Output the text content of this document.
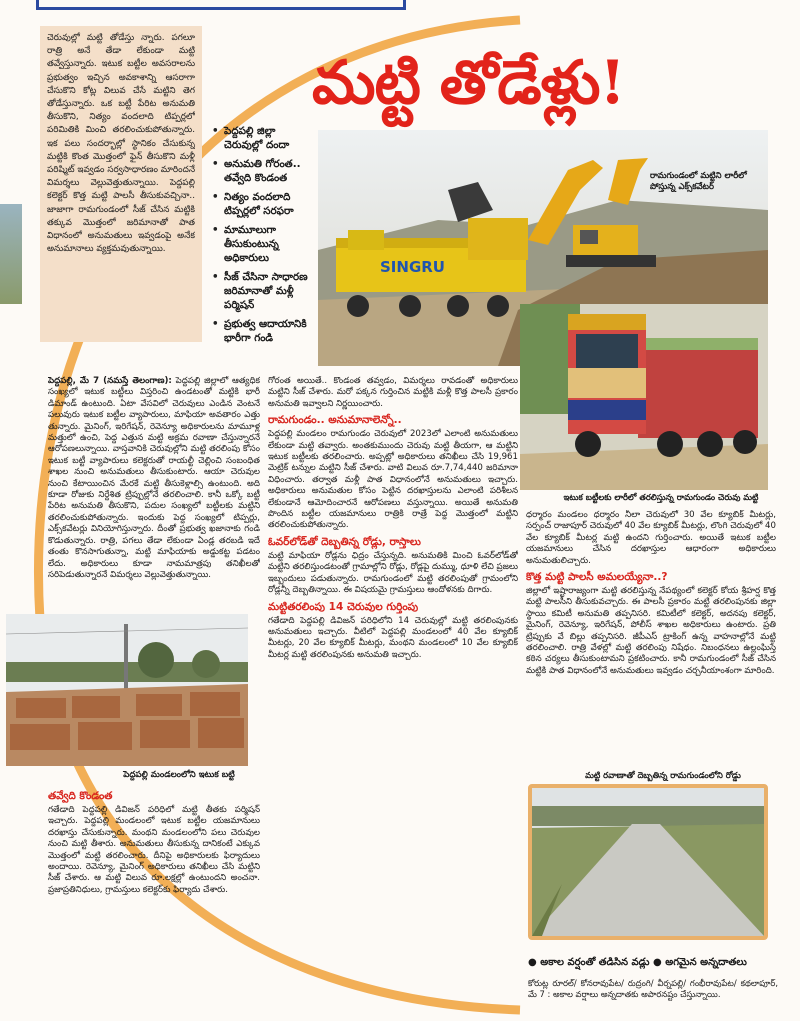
చెరువుల్లో మట్టి తోడేస్తు న్నారు. పగలూ రాత్రి అనే తేడా లేకుండా మట్టి తవ్వేస్తున్నారు. ఇటుక బట్టీల అవసరాలను ప్రభుత్వం ఇచ్చిన అవకాశాన్ని ఆసరాగా చేసుకొని కోట్ల విలువ చేసే మట్టిని తెగ తోడేస్తున్నారు. ఒక బట్టీ పేరిట అనుమతి తీసుకొని, నిత్యం వందలాది టిప్పర్లలో పరిమితికి మించి తరలించుకుపోతున్నారు. ఇక పలు సందర్భాల్లో స్థానికం చేసుకున్న మట్టికి కొంత మొత్తంలో ఫైన్ తీసుకొని మళ్లీ పరిష్మిట్ ఇవ్వడం సర్వసాధారణం మారిందనే విమర్శలు వెల్లువెత్తుతున్నాయి. పెద్దపల్లి కలెక్టర్ కొత్త మట్టి పాలసీ తీసుకువచ్చినా.. జాజాగా రామగుండంలో సీజ్ చేసిన మట్టికి తక్కువ మొత్తంలో జరిమానాతో పాత విధానంలో అనుమతులు ఇవ్వడంపై అనేక అనుమానాలు వ్యక్తమవుతున్నాయి.
మట్టి తోడేళ్లు!
• పెద్దపల్లి జిల్లా చెరువుల్లో దందా
• అనుమతి గోరంత.. తవ్వేది కొండంత
• నిత్యం వందలాది టిప్పర్లలో సరఫరా
• మామూలుగా తీసుకుంటున్న అధికారులు
• సీజ్ చేసినా సాధారణ జరిమానాతో మళ్లీ పర్మిషన్
• ప్రభుత్వ ఆదాయానికి భారీగా గండి
SINGRU
రామగుండంలో మట్టిని లారీలో పోస్తున్న ఎక్స్‌కవేటర్
ఇటుక బట్టీలకు లారీలో తరలిస్తున్న రామగుండం చెరువు మట్టి
పెద్దపల్లి, మే 7 (నమస్తే తెలంగాణ): పెద్దపల్లి జిల్లాలో ఆత్యధిక సంఖ్యలో ఇటుక బట్టీలు విస్తరించి ఉండటంతో మట్టికి భారీ డిమాండ్ ఉంటుంది. ఏటా వేసవిలో చెరువులు ఎండిన వెంటనే పలువురు ఇటుక బట్టీల వ్యాపారులు, మాఫియా అవతారం ఎత్తు తున్నారు. మైనింగ్, ఇరిగేషన్, రెవెన్యూ అధికారులను మామూళ్ల మత్తులో ఉంచి, పెద్ద ఎత్తున మట్టి అక్రమ రవాణా చేస్తున్నారనే ఆరోపణలున్నాయి. వాస్తవానికి చెరువుల్లోని మట్టి తరలింపు కోసం ఇటుక బట్టీ వ్యాపారులు కలెక్టరుతో రాయల్టీ చెల్లించి సంబంధిత శాఖల నుంచి అనుమతులు తీసుకుంటారు. ఆయా చెరువుల నుంచి కేటాయించిన మేరకే మట్టి తీసుకెళ్లాల్సి ఉంటుంది. అది కూడా రోజుకు నిర్దేశిత ట్రిప్పుల్లోనే తరలించాలి. కానీ ఒక్కో బట్టీ పేరిట అనుమతి తీసుకొని, పదుల సంఖ్యలో బట్టీలకు మట్టిని తరలించుకుపోతున్నారు. ఇందుకు పెద్ద సంఖ్యలో టిప్పర్లు, ఎక్స్‌కవేటర్లు వినియోగిస్తున్నారు. దీంతో ప్రభుత్వ ఖజానాకు గండి కొడుతున్నారు. రాత్రి, పగలు తేడా లేకుండా ఏండ్ల తరబడి ఇదే తంతు కొనసాగుతున్నా, మట్టి మాఫియాకు అడ్డుకట్ట పడటం లేదు. అధికారులు కూడా నామమాత్రపు తనిఖీలతో సరిపెడుతున్నారనే విమర్శలు వెల్లువెత్తుతున్నాయి.

గోరంత అయితే.. కొండంత తవ్వడం, విమర్శలు రావడంతో అధికారులు మట్టిని సీజ్ చేశారు. మరో పక్కన గుర్తించిన మట్టికి మళ్లీ కొత్త పాలసీ ప్రకారం అనుమతి ఇవ్వాలని నిర్ణయించారు.

రామగుండం.. అనుమానాలెన్నో..

పెద్దపల్లి మండలం రామగుండం చెరువులో 2023లో ఎలాంటి అనుమతులు లేకుండా మట్టి తవ్వారు. అంతకుముందు చెరువు మట్టి తీయగా, ఆ మట్టిని ఇటుక బట్టీలకు తరలించారు. అప్పట్లో అధికారులు తనిఖీలు చేసి 19,961 మెట్రిక్ టన్నుల మట్టిని సీజ్ చేశారు. వాటి విలువ రూ.7,74,440 జరిమానా విధించారు. తర్వాత మళ్లీ పాత విధానంలోనే అనుమతులు ఇచ్చారు. అధికారులు అనుమతుల కోసం పెట్టిన దరఖాస్తులను ఎలాంటి పరిశీలన లేకుండానే ఆమోదించారనే ఆరోపణలు వస్తున్నాయి. అయితే అనుమతి పొందిన బట్టీల యజమానులు రాత్రికి రాత్రే పెద్ద మొత్తంలో మట్టిని తరలించుకుపోతున్నారు.

ఓవర్‌లోడ్‌తో దెబ్బతిన్న రోడ్లు, రాస్తాలు

మట్టి మాఫియా రోడ్లను ఛిద్రం చేస్తున్నది. అనుమతికి మించి ఓవర్‌లోడ్‌తో మట్టిని తరలిస్తుండటంతో గ్రామాల్లోని రోడ్లు, రోడ్లపై దుమ్ము, ధూళి లేచి ప్రజలు ఇబ్బందులు పడుతున్నారు. రామగుండంలో మట్టి తరలింపుతో గ్రామంలోని రోడ్లన్నీ దెబ్బతిన్నాయి. ఈ విషయమై గ్రామస్తులు ఆందోళనకు దిగారు.

మట్టితరలింపు 14 చెరువుల గుర్తింపు

గతేడాది పెద్దపల్లి డివిజన్ పరిధిలోని 14 చెరువుల్లో మట్టి తరలింపునకు అనుమతులు ఇచ్చారు. వీటిలో పెద్దపల్లి మండలంలో 40 వేల క్యూబిక్ మీటర్లు, 20 వేల క్యూబిక్ మీటర్లు, మంథని మండలంలో 10 వేల క్యూబిక్ మీటర్ల మట్టి తరలింపునకు అనుమతి ఇచ్చారు.

ధర్మారం మండలం ధర్మారం నీలా చెరువులో 30 వేల క్యూబిక్ మీటర్లు, సర్పంచ్ రాజాపూర్ చెరువులో 40 వేల క్యూబిక్ మీటర్లు, లొంగి చెరువులో 40 వేల క్యూబిక్ మీటర్ల మట్టి ఉందని గుర్తించారు. అయితే ఇటుక బట్టీల యజమానులు చేసిన దరఖాస్తుల ఆధారంగా అధికారులు అనుమతులిచ్చారు.

కొత్త మట్టి పాలసీ అమలయ్యేనా..?

జిల్లాలో ఇష్టారాజ్యంగా మట్టి తరలిస్తున్న నేపథ్యంలో కలెక్టర్ కోయ శ్రీహర్ష కొత్త మట్టి పాలసీని తీసుకువచ్చారు. ఈ పాలసీ ప్రకారం మట్టి తరలింపునకు జిల్లా స్థాయి కమిటీ అనుమతి తప్పనిసరి. కమిటీలో కలెక్టర్, అదనపు కలెక్టర్, మైనింగ్, రెవెన్యూ, ఇరిగేషన్, పోలీస్ శాఖల అధికారులు ఉంటారు. ప్రతి ట్రిప్పుకు వే బిల్లు తప్పనిసరి. జీపీఎస్ ట్రాకింగ్ ఉన్న వాహనాల్లోనే మట్టి తరలించాలి. రాత్రి వేళల్లో మట్టి తరలింపు నిషేధం. నిబంధనలు ఉల్లంఘిస్తే కఠిన చర్యలు తీసుకుంటామని ప్రకటించారు. కానీ రామగుండంలో సీజ్ చేసిన మట్టికి పాత విధానంలోనే అనుమతులు ఇవ్వడం చర్చనీయాంశంగా మారింది.

పెద్దపల్లి మండలంలోని ఇటుక బట్టి
తవ్వేది కొండంత

గతేడాది పెద్దపల్లి డివిజన్ పరిధిలో మట్టి తీతకు పర్మిషన్ ఇచ్చారు. పెద్దపల్లి మండలంలో ఇటుక బట్టీల యజమానులు దరఖాస్తు చేసుకున్నారు. మంథని మండలంలోని పలు చెరువుల నుంచి మట్టి తీశారు. అనుమతులు తీసుకున్న దానికంటే ఎక్కువ మొత్తంలో మట్టి తరలించారు. దీనిపై అధికారులకు ఫిర్యాదులు అందాయి. రెవెన్యూ, మైనింగ్ అధికారులు తనిఖీలు చేసి మట్టిని సీజ్ చేశారు. ఆ మట్టి విలువ రూ.లక్షల్లో ఉంటుందని అంచనా. ప్రజాప్రతినిధులు, గ్రామస్తులు కలెక్టర్‌కు ఫిర్యాదు చేశారు.

మట్టి రవాణాతో దెబ్బతిన్న రామగుండంలోని రోడ్డు
● అకాల వర్షంతో తడిసిన వడ్లు ● అగమైన అన్నదాతలు
కోరుట్ల రూరల్/ కోనరావుపేట/ రుద్రంగి/ వీర్నపల్లి/ గంభీరావుపేట/ కథలాపూర్, మే 7 : అకాల వర్షాలు అన్నదాతకు అపారనష్టం చేస్తున్నాయి.
